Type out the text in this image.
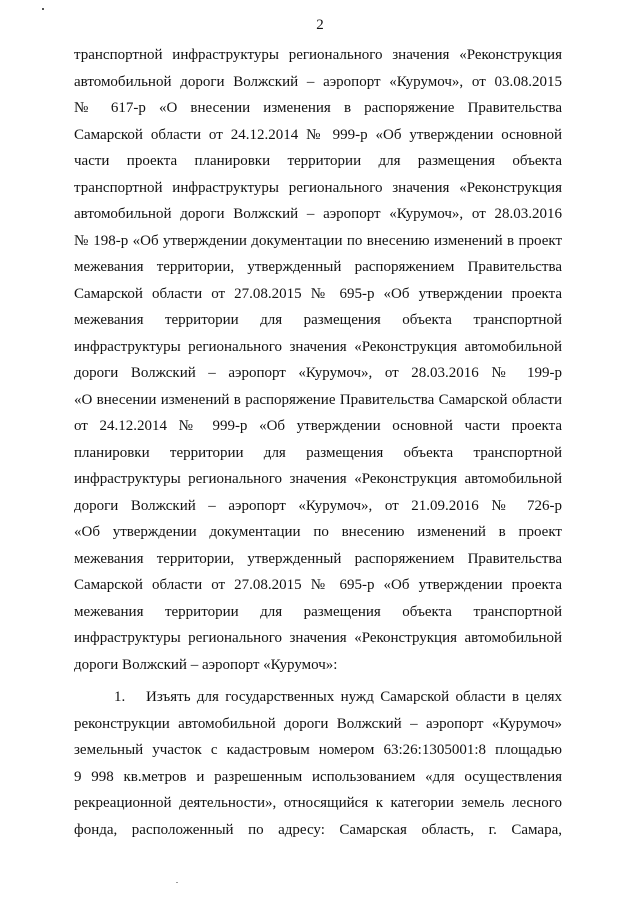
2
транспортной инфраструктуры регионального значения «Реконструкция
автомобильной дороги Волжский – аэропорт «Курумоч», от 03.08.2015
№ 617-р «О внесении изменения в распоряжение Правительства
Самарской области от 24.12.2014 № 999-р «Об утверждении основной
части проекта планировки территории для размещения объекта
транспортной инфраструктуры регионального значения «Реконструкция
автомобильной дороги Волжский – аэропорт «Курумоч», от 28.03.2016
№ 198-р «Об утверждении документации по внесению изменений в проект
межевания территории, утвержденный распоряжением Правительства
Самарской области от 27.08.2015 № 695-р «Об утверждении проекта
межевания территории для размещения объекта транспортной
инфраструктуры регионального значения «Реконструкция автомобильной
дороги Волжский – аэропорт «Курумоч», от 28.03.2016 № 199-р
«О внесении изменений в распоряжение Правительства Самарской области
от 24.12.2014 № 999-р «Об утверждении основной части проекта
планировки территории для размещения объекта транспортной
инфраструктуры регионального значения «Реконструкция автомобильной
дороги Волжский – аэропорт «Курумоч», от 21.09.2016 № 726-р
«Об утверждении документации по внесению изменений в проект
межевания территории, утвержденный распоряжением Правительства
Самарской области от 27.08.2015 № 695-р «Об утверждении проекта
межевания территории для размещения объекта транспортной
инфраструктуры регионального значения «Реконструкция автомобильной
дороги Волжский – аэропорт «Курумоч»:
1.	Изъять для государственных нужд Самарской области в целях
реконструкции автомобильной дороги Волжский – аэропорт «Курумоч»
земельный участок с кадастровым номером 63:26:1305001:8 площадью
9 998 кв.метров и разрешенным использованием «для осуществления
рекреационной деятельности», относящийся к категории земель лесного
фонда, расположенный по адресу: Самарская область, г. Самара,
